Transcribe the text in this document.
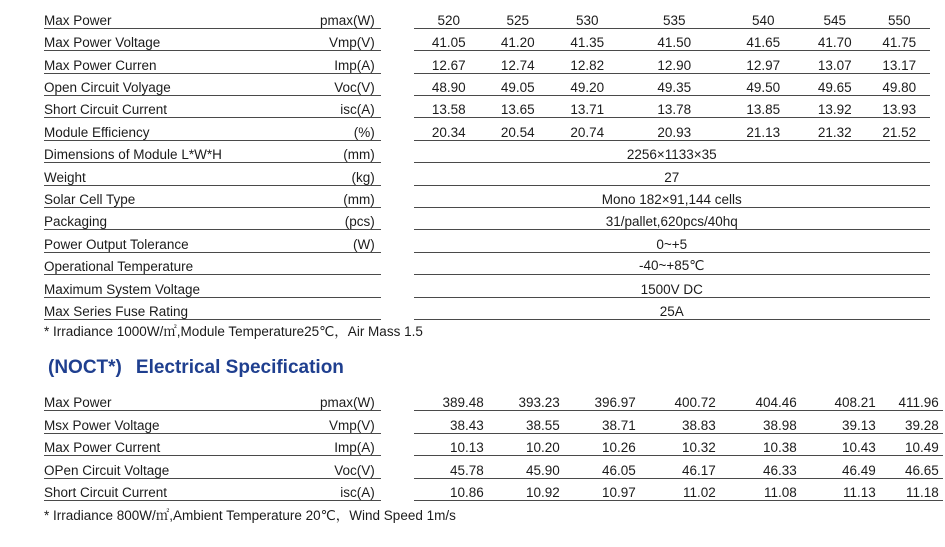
Max Power	pmax(W)		520	525	530	535	540	545	550
Max Power Voltage	Vmp(V)		41.05	41.20	41.35	41.50	41.65	41.70	41.75
Max Power Curren	Imp(A)		12.67	12.74	12.82	12.90	12.97	13.07	13.17
Open Circuit Volyage	Voc(V)		48.90	49.05	49.20	49.35	49.50	49.65	49.80
Short Circuit Current	isc(A)		13.58	13.65	13.71	13.78	13.85	13.92	13.93
Module Efficiency	(%)		20.34	20.54	20.74	20.93	21.13	21.32	21.52
Dimensions of Module L*W*H	(mm)		2256×1133×35						
Weight	(kg)		27						
Solar Cell Type	(mm)		Mono 182×91,144 cells						
Packaging	(pcs)		31/pallet,620pcs/40hq						
Power Output Tolerance	(W)		0~+5						
Operational Temperature			-40~+85℃						
Maximum System Voltage			1500V DC						
Max Series Fuse Rating			25A						
* Irradiance 1000W/㎡,Module Temperature25℃，Air Mass 1.5
(NOCT*) Electrical Specification
Max Power	pmax(W)		389.48	393.23	396.97	400.72	404.46	408.21	411.96
Msx Power Voltage	Vmp(V)		38.43	38.55	38.71	38.83	38.98	39.13	39.28
Max Power Current	Imp(A)		10.13	10.20	10.26	10.32	10.38	10.43	10.49
OPen Circuit Voltage	Voc(V)		45.78	45.90	46.05	46.17	46.33	46.49	46.65
Short Circuit Current	isc(A)		10.86	10.92	10.97	11.02	11.08	11.13	11.18
* Irradiance 800W/㎡,Ambient Temperature 20℃，Wind Speed 1m/s
